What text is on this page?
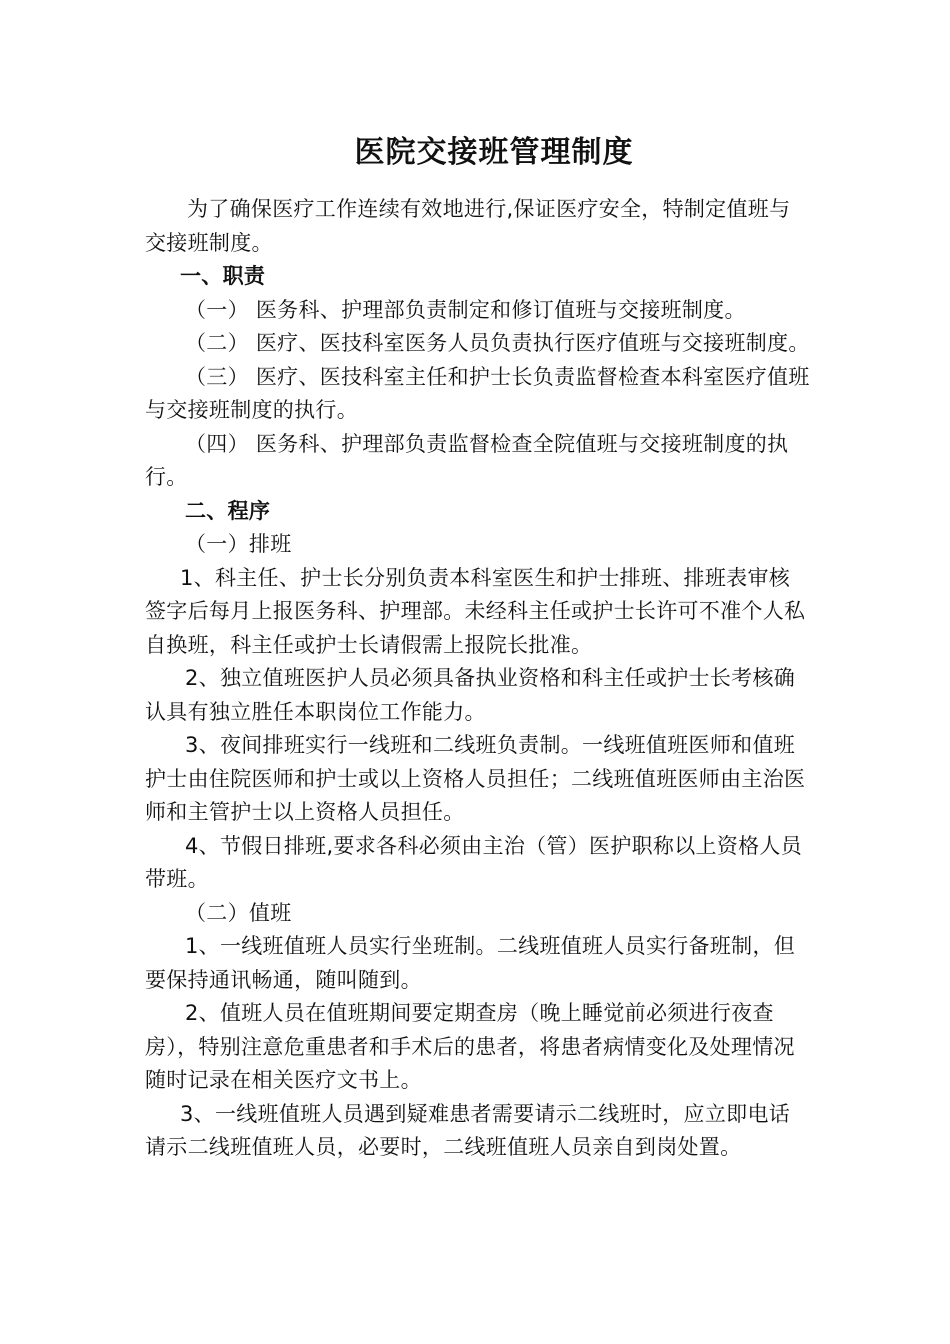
医院交接班管理制度

为了确保医疗工作连续有效地进行,保证医疗安全，特制定值班与交接班制度。

一、职责

（一） 医务科、护理部负责制定和修订值班与交接班制度。

（二） 医疗、医技科室医务人员负责执行医疗值班与交接班制度。

（三） 医疗、医技科室主任和护士长负责监督检查本科室医疗值班与交接班制度的执行。

（四） 医务科、护理部负责监督检查全院值班与交接班制度的执行。

二、程序

（一）排班

1、科主任、护士长分别负责本科室医生和护士排班、排班表审核签字后每月上报医务科、护理部。未经科主任或护士长许可不准个人私自换班，科主任或护士长请假需上报院长批准。

2、独立值班医护人员必须具备执业资格和科主任或护士长考核确认具有独立胜任本职岗位工作能力。

3、夜间排班实行一线班和二线班负责制。一线班值班医师和值班护士由住院医师和护士或以上资格人员担任；二线班值班医师由主治医师和主管护士以上资格人员担任。

4、节假日排班,要求各科必须由主治（管）医护职称以上资格人员带班。

（二）值班

1、一线班值班人员实行坐班制。二线班值班人员实行备班制，但要保持通讯畅通，随叫随到。

2、值班人员在值班期间要定期查房（晚上睡觉前必须进行夜查房），特别注意危重患者和手术后的患者，将患者病情变化及处理情况随时记录在相关医疗文书上。

3、一线班值班人员遇到疑难患者需要请示二线班时，应立即电话请示二线班值班人员，必要时，二线班值班人员亲自到岗处置。
